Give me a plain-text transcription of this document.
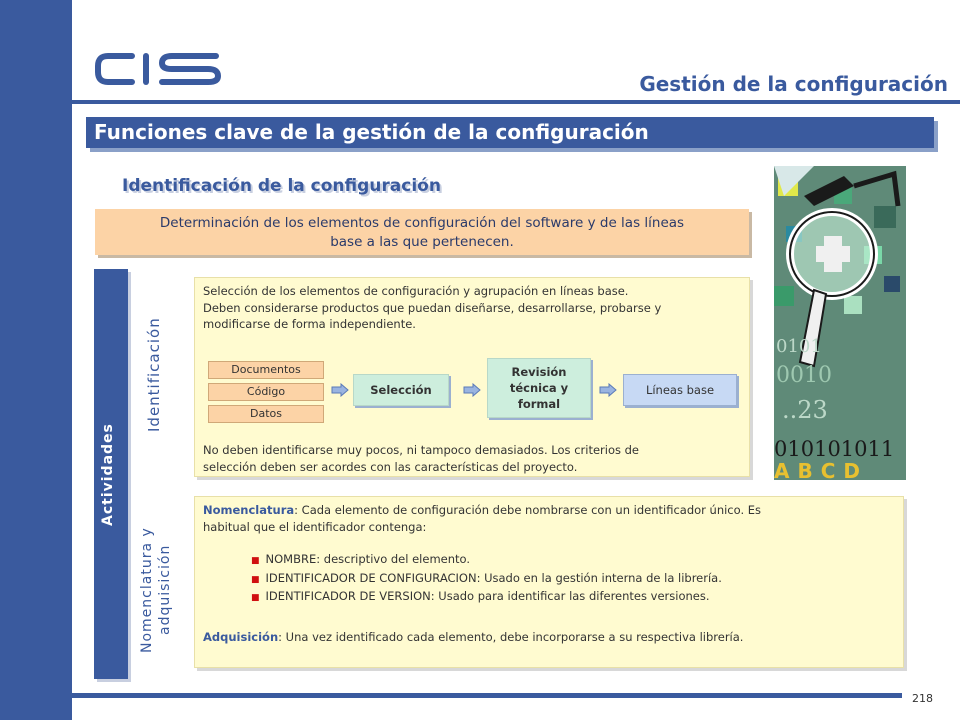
Gestión de la configuración
Funciones clave de la gestión de la configuración
Identificación de la configuración
Determinación de los elementos de configuración del software y de las líneas
base a las que pertenecen.
Actividades
Identificación
Nomenclatura y adquisición
Selección de los elementos de configuración y agrupación en líneas base.
Deben considerarse productos que puedan diseñarse, desarrollarse, probarse y
modificarse de forma independiente.
Documentos
Código
Datos
Selección
Revisión
técnica y
formal
Líneas base
No deben identificarse muy pocos, ni tampoco demasiados. Los criterios de
selección deben ser acordes con las características del proyecto.
Nomenclatura: Cada elemento de configuración debe nombrarse con un identificador único. Es
habitual que el identificador contenga:
■ NOMBRE: descriptivo del elemento.
■ IDENTIFICADOR DE CONFIGURACION: Usado en la gestión interna de la librería.
■ IDENTIFICADOR DE VERSION: Usado para identificar las diferentes versiones.
Adquisición: Una vez identificado cada elemento, debe incorporarse a su respectiva librería.
0101
0010
..23
010101011
ABCD
218
